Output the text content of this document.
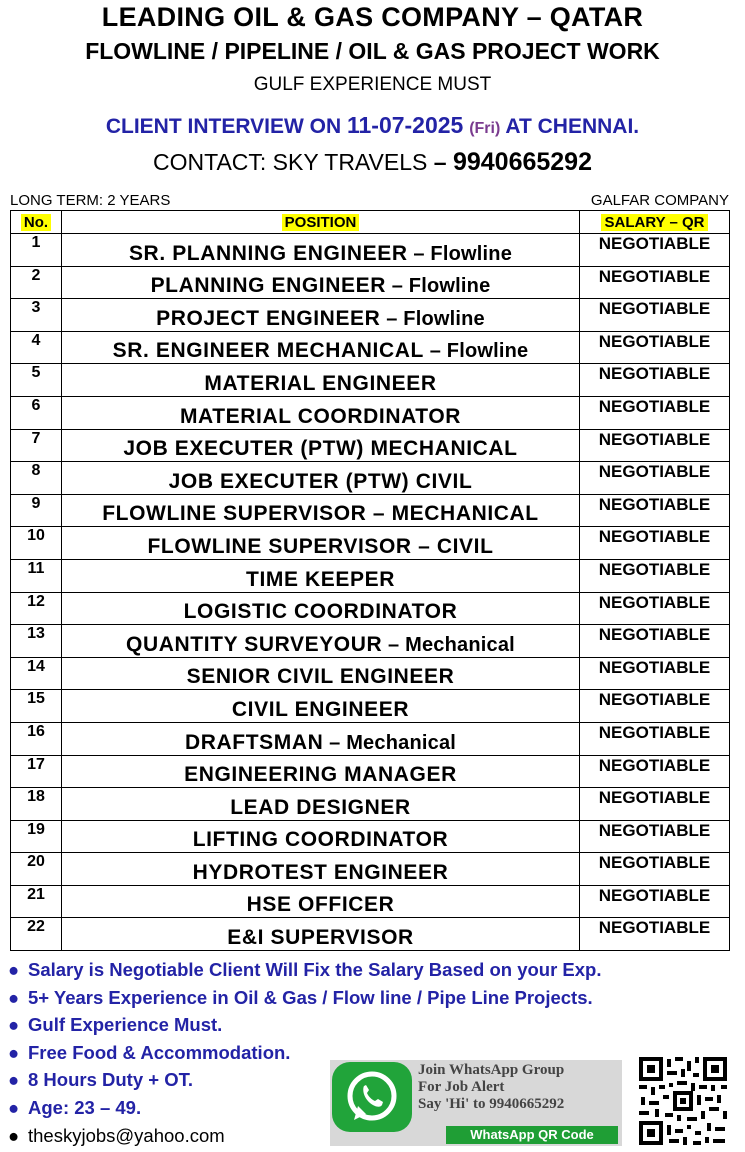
LEADING OIL & GAS COMPANY – QATAR
FLOWLINE / PIPELINE / OIL & GAS PROJECT WORK
GULF EXPERIENCE MUST
CLIENT INTERVIEW ON 11-07-2025 (Fri) AT CHENNAI.
CONTACT: SKY TRAVELS – 9940665292
LONG TERM: 2 YEARS	GALFAR COMPANY
No.	POSITION	SALARY – QR
1	SR. PLANNING ENGINEER – Flowline	NEGOTIABLE
2	PLANNING ENGINEER – Flowline	NEGOTIABLE
3	PROJECT ENGINEER – Flowline	NEGOTIABLE
4	SR. ENGINEER MECHANICAL – Flowline	NEGOTIABLE
5	MATERIAL ENGINEER	NEGOTIABLE
6	MATERIAL COORDINATOR	NEGOTIABLE
7	JOB EXECUTER (PTW) MECHANICAL	NEGOTIABLE
8	JOB EXECUTER (PTW) CIVIL	NEGOTIABLE
9	FLOWLINE SUPERVISOR – MECHANICAL	NEGOTIABLE
10	FLOWLINE SUPERVISOR – CIVIL	NEGOTIABLE
11	TIME KEEPER	NEGOTIABLE
12	LOGISTIC COORDINATOR	NEGOTIABLE
13	QUANTITY SURVEYOUR – Mechanical	NEGOTIABLE
14	SENIOR CIVIL ENGINEER	NEGOTIABLE
15	CIVIL ENGINEER	NEGOTIABLE
16	DRAFTSMAN – Mechanical	NEGOTIABLE
17	ENGINEERING MANAGER	NEGOTIABLE
18	LEAD DESIGNER	NEGOTIABLE
19	LIFTING COORDINATOR	NEGOTIABLE
20	HYDROTEST ENGINEER	NEGOTIABLE
21	HSE OFFICER	NEGOTIABLE
22	E&I SUPERVISOR	NEGOTIABLE
● Salary is Negotiable Client Will Fix the Salary Based on your Exp.
● 5+ Years Experience in Oil & Gas / Flow line / Pipe Line Projects.
● Gulf Experience Must.
● Free Food & Accommodation.
● 8 Hours Duty + OT.
● Age: 23 – 49.
● theskyjobs@yahoo.com
Join WhatsApp Group
For Job Alert
Say 'Hi' to 9940665292
WhatsApp QR Code
